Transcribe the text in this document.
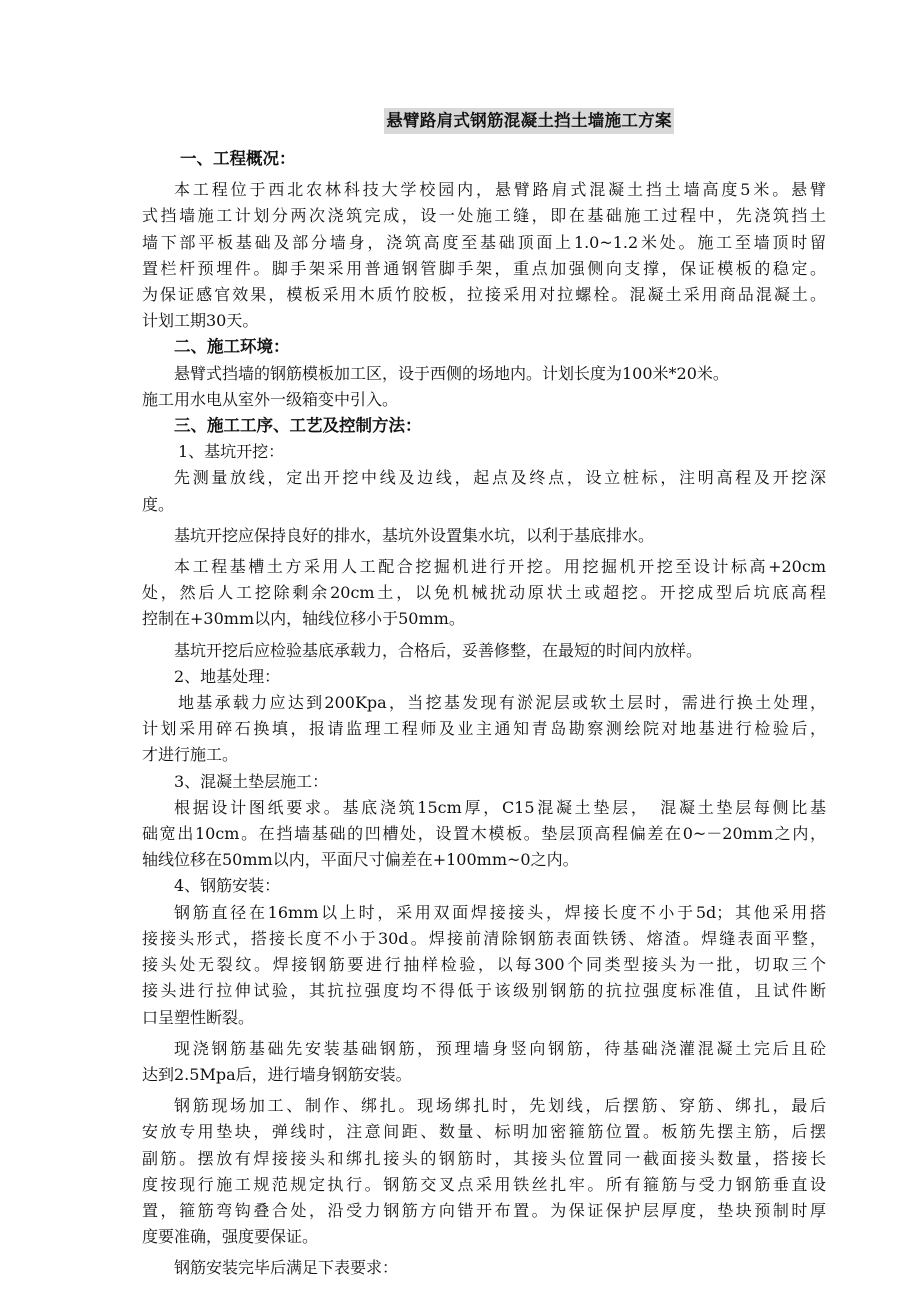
悬臂路肩式钢筋混凝土挡土墙施工方案
一、工程概况：
本工程位于西北农林科技大学校园内，悬臂路肩式混凝土挡土墙高度5米。悬臂
式挡墙施工计划分两次浇筑完成，设一处施工缝，即在基础施工过程中，先浇筑挡土
墙下部平板基础及部分墙身，浇筑高度至基础顶面上1.0~1.2米处。施工至墙顶时留
置栏杆预埋件。脚手架采用普通钢管脚手架，重点加强侧向支撑，保证模板的稳定。
为保证感官效果，模板采用木质竹胶板，拉接采用对拉螺栓。混凝土采用商品混凝土。
计划工期30天。
二、施工环境：
悬臂式挡墙的钢筋模板加工区，设于西侧的场地内。计划长度为100米*20米。
施工用水电从室外一级箱变中引入。
三、施工工序、工艺及控制方法：
1、基坑开挖：
先测量放线，定出开挖中线及边线，起点及终点，设立桩标，注明高程及开挖深
度。
基坑开挖应保持良好的排水，基坑外设置集水坑，以利于基底排水。
本工程基槽土方采用人工配合挖掘机进行开挖。用挖掘机开挖至设计标高+20cm
处，然后人工挖除剩余20cm土，以免机械扰动原状土或超挖。开挖成型后坑底高程
控制在+30mm以内，轴线位移小于50mm。
基坑开挖后应检验基底承载力，合格后，妥善修整，在最短的时间内放样。
2、地基处理：
地基承载力应达到200Kpa，当挖基发现有淤泥层或软土层时，需进行换土处理，
计划采用碎石换填，报请监理工程师及业主通知青岛勘察测绘院对地基进行检验后，
才进行施工。
3、混凝土垫层施工：
根据设计图纸要求。基底浇筑15cm厚，C15混凝土垫层，　混凝土垫层每侧比基
础宽出10cm。在挡墙基础的凹槽处，设置木模板。垫层顶高程偏差在0~－20mm之内，
轴线位移在50mm以内，平面尺寸偏差在+100mm~0之内。
4、钢筋安装：
钢筋直径在16mm以上时，采用双面焊接接头，焊接长度不小于5d；其他采用搭
接接头形式，搭接长度不小于30d。焊接前清除钢筋表面铁锈、熔渣。焊缝表面平整，
接头处无裂纹。焊接钢筋要进行抽样检验，以每300个同类型接头为一批，切取三个
接头进行拉伸试验，其抗拉强度均不得低于该级别钢筋的抗拉强度标准值，且试件断
口呈塑性断裂。
现浇钢筋基础先安装基础钢筋，预理墙身竖向钢筋，待基础浇灌混凝土完后且砼
达到2.5Mpa后，进行墙身钢筋安装。
钢筋现场加工、制作、绑扎。现场绑扎时，先划线，后摆筋、穿筋、绑扎，最后
安放专用垫块，弹线时，注意间距、数量、标明加密箍筋位置。板筋先摆主筋，后摆
副筋。摆放有焊接接头和绑扎接头的钢筋时，其接头位置同一截面接头数量，搭接长
度按现行施工规范规定执行。钢筋交叉点采用铁丝扎牢。所有箍筋与受力钢筋垂直设
置，箍筋弯钩叠合处，沿受力钢筋方向错开布置。为保证保护层厚度，垫块预制时厚
度要准确，强度要保证。
钢筋安装完毕后满足下表要求：
